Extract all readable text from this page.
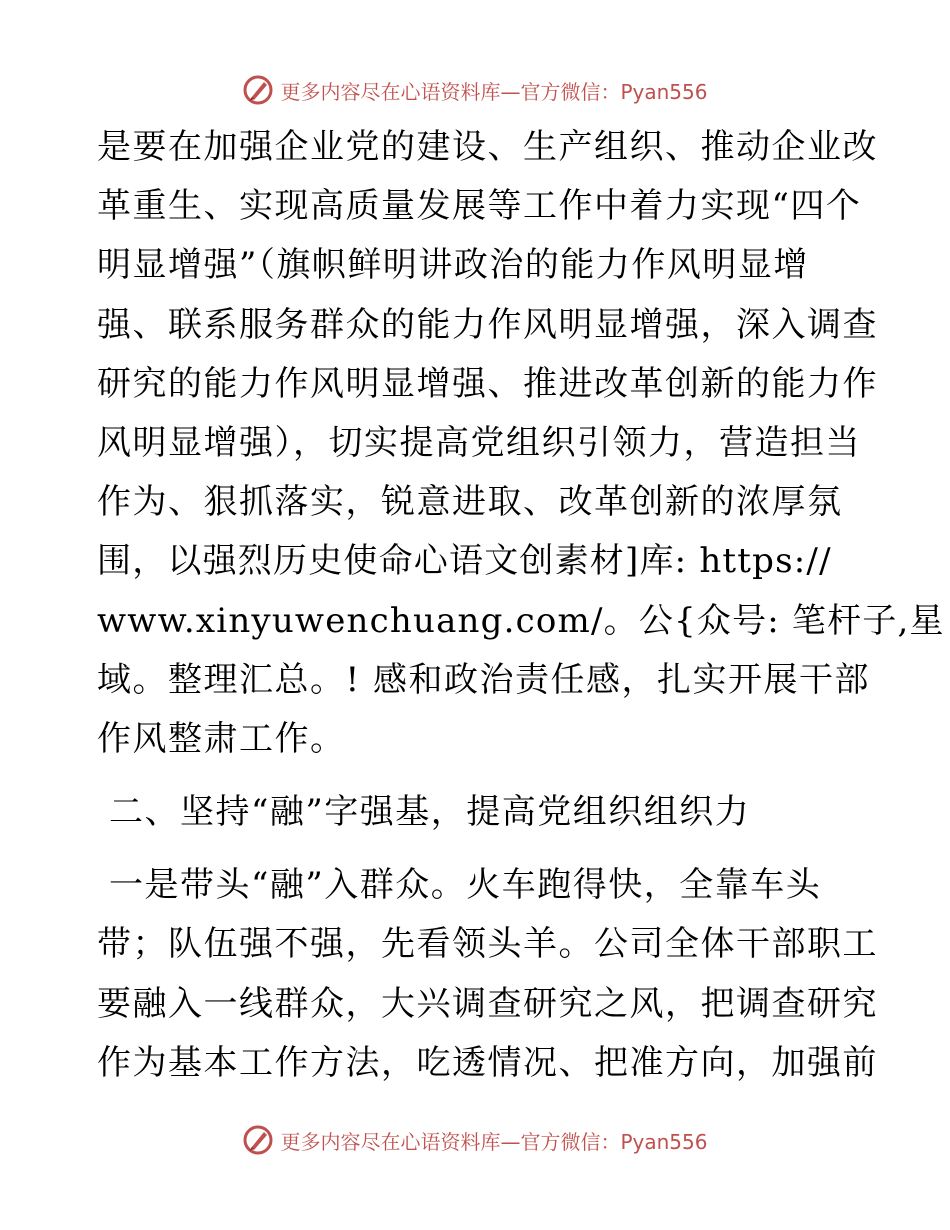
更多内容尽在心语资料库—官方微信：Pyan556
是要在加强企业党的建设、生产组织、推动企业改
革重生、实现高质量发展等工作中着力实现“四个
明显增强”（旗帜鲜明讲政治的能力作风明显增
强、联系服务群众的能力作风明显增强，深入调查
研究的能力作风明显增强、推进改革创新的能力作
风明显增强），切实提高党组织引领力，营造担当
作为、狠抓落实，锐意进取、改革创新的浓厚氛
围，以强烈历史使命心语文创素材]库: https://
www.xinyuwenchuang.com/。公{众号: 笔杆子,星
域。整理汇总。! 感和政治责任感，扎实开展干部
作风整肃工作。
二、坚持“融”字强基，提高党组织组织力
一是带头“融”入群众。火车跑得快，全靠车头
带；队伍强不强，先看领头羊。公司全体干部职工
要融入一线群众，大兴调查研究之风，把调查研究
作为基本工作方法，吃透情况、把准方向，加强前
更多内容尽在心语资料库—官方微信：Pyan556
